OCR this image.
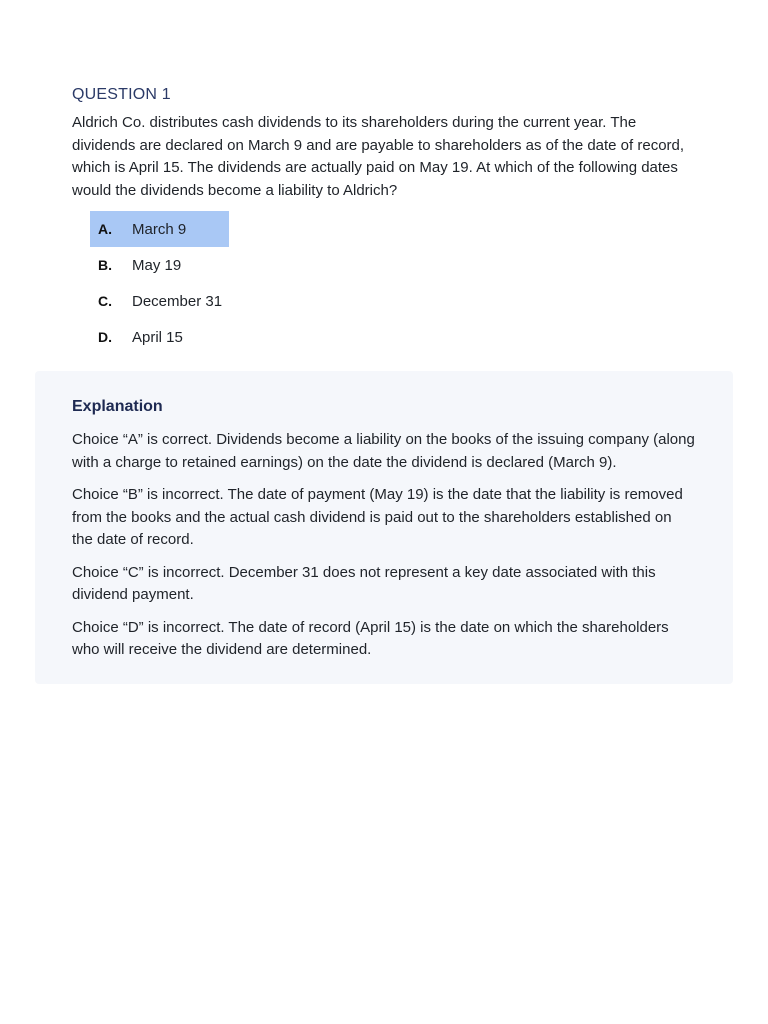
QUESTION 1
Aldrich Co. distributes cash dividends to its shareholders during the current year. The dividends are declared on March 9 and are payable to shareholders as of the date of record, which is April 15. The dividends are actually paid on May 19. At which of the following dates would the dividends become a liability to Aldrich?
A.	March 9
B.	May 19
C.	December 31
D.	April 15
Explanation

Choice “A” is correct. Dividends become a liability on the books of the issuing company (along with a charge to retained earnings) on the date the dividend is declared (March 9).

Choice “B” is incorrect. The date of payment (May 19) is the date that the liability is removed from the books and the actual cash dividend is paid out to the shareholders established on the date of record.

Choice “C” is incorrect. December 31 does not represent a key date associated with this dividend payment.

Choice “D” is incorrect. The date of record (April 15) is the date on which the shareholders who will receive the dividend are determined.
